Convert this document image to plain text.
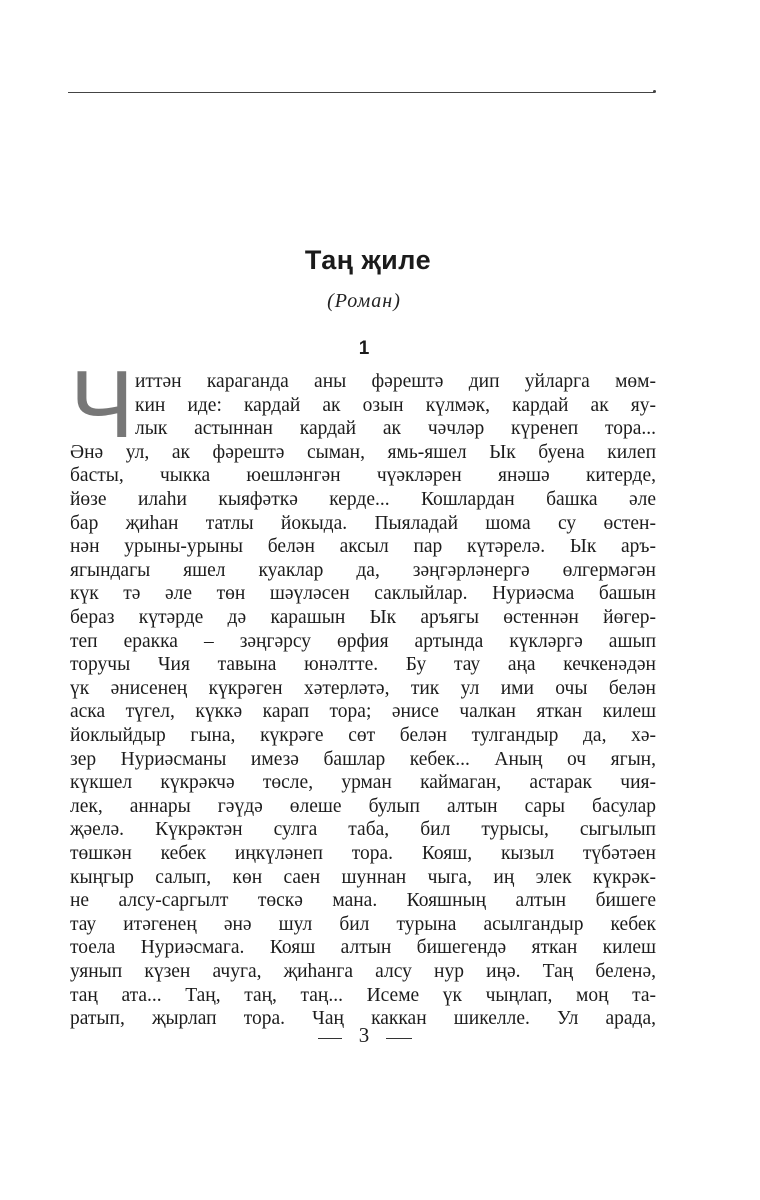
Таң җиле
(Роман)
1
Ч иттән караганда аны фәрештә дип уйларга мөм-
кин иде: кардай ак озын күлмәк, кардай ак яу-
лык астыннан кардай ак чәчләр күренеп тора...
Әнә ул, ак фәрештә сыман, ямь-яшел Ык буена килеп
басты, чыкка юешләнгән чүәкләрен янәшә китерде,
йөзе илаһи кыяфәткә керде... Кошлардан башка әле
бар җиһан татлы йокыда. Пыяладай шома су өстен-
нән урыны-урыны белән аксыл пар күтәрелә. Ык аръ-
ягындагы яшел куаклар да, зәңгәрләнергә өлгермәгән
күк тә әле төн шәүләсен саклыйлар. Нуриәсма башын
бераз күтәрде дә карашын Ык аръягы өстеннән йөгер-
теп еракка – зәңгәрсу өрфия артында күкләргә ашып
торучы Чия тавына юнәлтте. Бу тау аңа кечкенәдән
үк әнисенең күкрәген хәтерләтә, тик ул ими очы белән
аска түгел, күккә карап тора; әнисе чалкан яткан килеш
йоклыйдыр гына, күкрәге сөт белән тулгандыр да, хә-
зер Нуриәсманы имезә башлар кебек... Аның оч ягын,
күкшел күкрәкчә төсле, урман каймаган, астарак чия-
лек, аннары гәүдә өлеше булып алтын сары басулар
җәелә. Күкрәктән сулга таба, бил турысы, сыгылып
төшкән кебек иңкүләнеп тора. Кояш, кызыл түбәтәен
кыңгыр салып, көн саен шуннан чыга, иң элек күкрәк-
не алсу-саргылт төскә мана. Кояшның алтын бишеге
тау итәгенең әнә шул бил турына асылгандыр кебек
тоела Нуриәсмага. Кояш алтын бишегендә яткан килеш
уянып күзен ачуга, җиһанга алсу нур иңә. Таң беленә,
таң ата... Таң, таң, таң... Исеме үк чыңлап, моң та-
ратып, җырлап тора. Чаң каккан шикелле. Ул арада,
3
